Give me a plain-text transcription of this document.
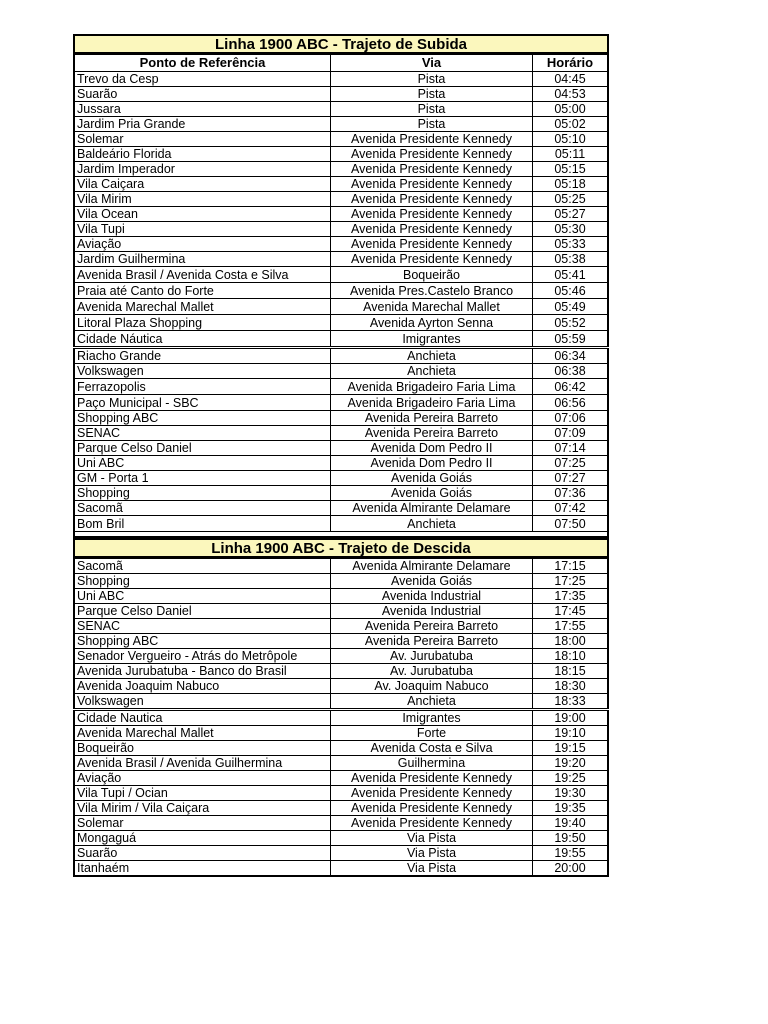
Linha 1900 ABC - Trajeto de Subida
Ponto de Referência	Via	Horário
Trevo da Cesp	Pista	04:45
Suarão	Pista	04:53
Jussara	Pista	05:00
Jardim Pria Grande	Pista	05:02
Solemar	Avenida Presidente Kennedy	05:10
Baldeário Florida	Avenida Presidente Kennedy	05:11
Jardim Imperador	Avenida Presidente Kennedy	05:15
Vila Caiçara	Avenida Presidente Kennedy	05:18
Vila Mirim	Avenida Presidente Kennedy	05:25
Vila Ocean	Avenida Presidente Kennedy	05:27
Vila Tupi	Avenida Presidente Kennedy	05:30
Aviação	Avenida Presidente Kennedy	05:33
Jardim Guilhermina	Avenida Presidente Kennedy	05:38
Avenida Brasil / Avenida Costa e Silva	Boqueirão	05:41
Praia até Canto do Forte	Avenida Pres.Castelo Branco	05:46
Avenida Marechal Mallet	Avenida Marechal Mallet	05:49
Litoral Plaza Shopping	Avenida Ayrton Senna	05:52
Cidade Náutica	Imigrantes	05:59
Riacho Grande	Anchieta	06:34
Volkswagen	Anchieta	06:38
Ferrazopolis	Avenida Brigadeiro Faria Lima	06:42
Paço Municipal - SBC	Avenida Brigadeiro Faria Lima	06:56
Shopping ABC	Avenida Pereira Barreto	07:06
SENAC	Avenida Pereira Barreto	07:09
Parque Celso Daniel	Avenida Dom Pedro II	07:14
Uni ABC	Avenida Dom Pedro II	07:25
GM - Porta 1	Avenida Goiás	07:27
Shopping	Avenida Goiás	07:36
Sacomã	Avenida Almirante Delamare	07:42
Bom Bril	Anchieta	07:50
Linha 1900 ABC - Trajeto de Descida
Sacomã	Avenida Almirante Delamare	17:15
Shopping	Avenida Goiás	17:25
Uni ABC	Avenida Industrial	17:35
Parque Celso Daniel	Avenida Industrial	17:45
SENAC	Avenida Pereira Barreto	17:55
Shopping ABC	Avenida Pereira Barreto	18:00
Senador Vergueiro - Atrás do Metrôpole	Av. Jurubatuba	18:10
Avenida Jurubatuba - Banco do Brasil	Av. Jurubatuba	18:15
Avenida Joaquim Nabuco	Av. Joaquim Nabuco	18:30
Volkswagen	Anchieta	18:33
Cidade Nautica	Imigrantes	19:00
Avenida Marechal Mallet	Forte	19:10
Boqueirão	Avenida Costa e Silva	19:15
Avenida Brasil / Avenida Guilhermina	Guilhermina	19:20
Aviação	Avenida Presidente Kennedy	19:25
Vila Tupi / Ocian	Avenida Presidente Kennedy	19:30
Vila Mirim / Vila Caiçara	Avenida Presidente Kennedy	19:35
Solemar	Avenida Presidente Kennedy	19:40
Mongaguá	Via Pista	19:50
Suarão	Via Pista	19:55
Itanhaém	Via Pista	20:00
